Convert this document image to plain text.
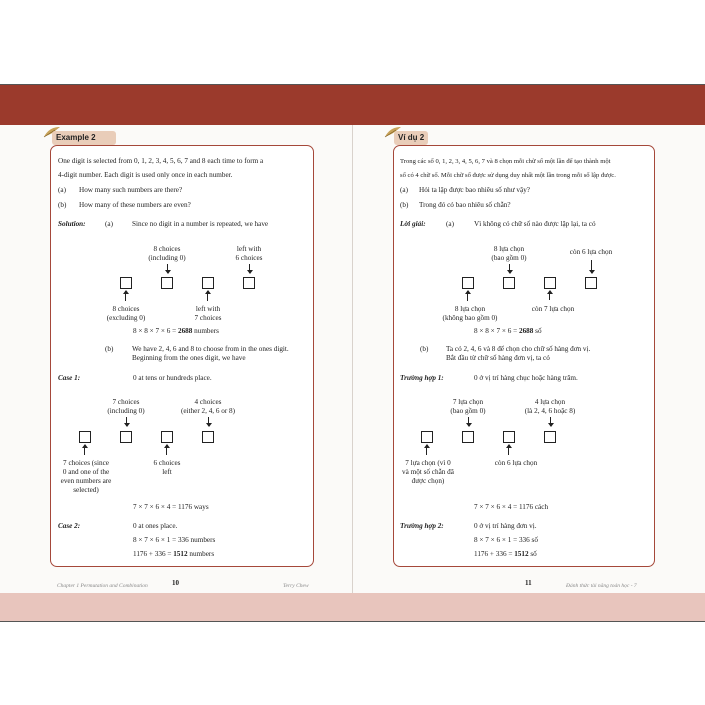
Example 2
One digit is selected from 0, 1, 2, 3, 4, 5, 6, 7 and 8 each time to form a
4-digit number. Each digit is used only once in each number.
(a) How many such numbers are there?
(b) How many of these numbers are even?
Solution:	(a)	Since no digit in a number is repeated, we have
8 choices
(including 0)
left with
6 choices
8 choices
(excluding 0)
left with
7 choices
8 × 8 × 7 × 6 = 2688 numbers
(b)	We have 2, 4, 6 and 8 to choose from in the ones digit.
Beginning from the ones digit, we have
Case 1:	0 at tens or hundreds place.
7 choices
(including 0)
4 choices
(either 2, 4, 6 or 8)
7 choices (since
0 and one of the
even numbers are
selected)
6 choices
left
7 × 7 × 6 × 4 = 1176 ways
Case 2:	0 at ones place.
8 × 7 × 6 × 1 = 336 numbers
1176 + 336 = 1512 numbers
Chapter 1 Permutation and Combination	10	Terry Chew
Ví dụ 2
Trong các số 0, 1, 2, 3, 4, 5, 6, 7 và 8 chọn mỗi chữ số một lần để tạo thành một
số có 4 chữ số. Mỗi chữ số được sử dụng duy nhất một lần trong mỗi số lập được.
(a) Hỏi ta lập được bao nhiêu số như vậy?
(b) Trong đó có bao nhiêu số chẵn?
Lời giải:	(a)	Vì không có chữ số nào được lặp lại, ta có
8 lựa chọn
(bao gồm 0)
còn 6 lựa chọn
8 lựa chọn
(không bao gồm 0)
còn 7 lựa chọn
8 × 8 × 7 × 6 = 2688 số
(b) Ta có 2, 4, 6 và 8 để chọn cho chữ số hàng đơn vị.
Bắt đầu từ chữ số hàng đơn vị, ta có
Trường hợp 1:	0 ở vị trí hàng chục hoặc hàng trăm.
7 lựa chọn
(bao gồm 0)
4 lựa chọn
(là 2, 4, 6 hoặc 8)
7 lựa chọn (vì 0
và một số chẵn đã
được chọn)
còn 6 lựa chọn
7 × 7 × 6 × 4 = 1176 cách
Trường hợp 2:	0 ở vị trí hàng đơn vị.
8 × 7 × 6 × 1 = 336 số
1176 + 336 = 1512 số
11	Đánh thức tài năng toán học - 7
